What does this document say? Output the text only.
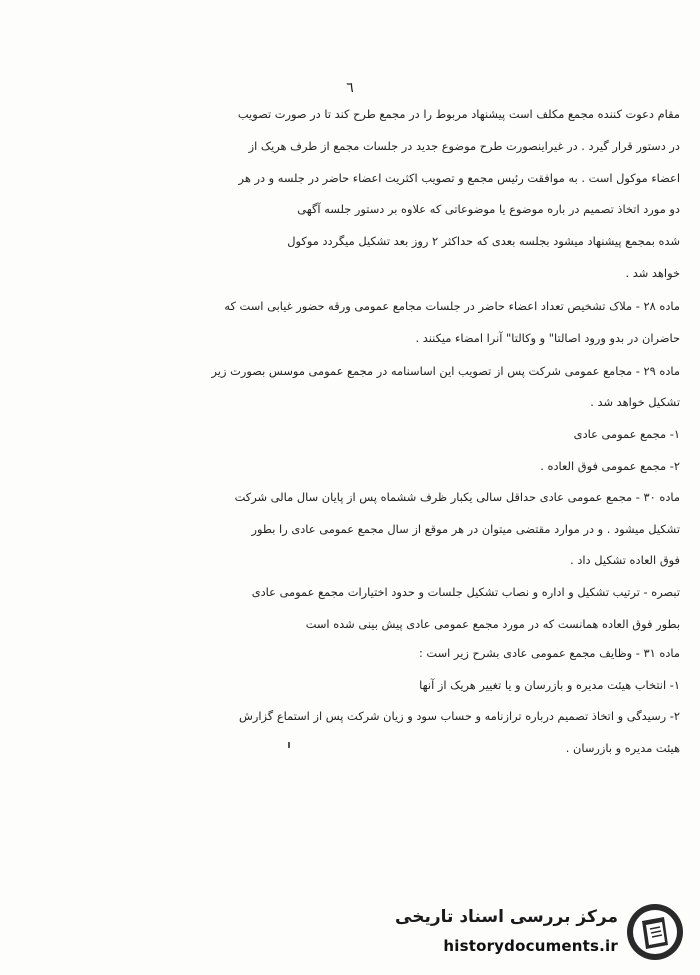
٦
مقام دعوت کننده مجمع مکلف است پیشنهاد مربوط را در مجمع طرح کند تا در صورت تصویب
در دستور قرار گیرد . در غیراینصورت طرح موضوع جدید در جلسات مجمع از طرف هریک از
اعضاء موکول است . به موافقت رئیس مجمع و تصویب اکثریت اعضاء حاضر در جلسه و در هر
دو مورد اتخاذ تصمیم در باره موضوع یا موضوعاتی که علاوه بر دستور جلسه آگهی
شده بمجمع پیشنهاد میشود بجلسه بعدی که حداکثر ۲ روز بعد تشکیل میگردد موکول
خواهد شد .
ماده ۲۸ - ملاک تشخیص تعداد اعضاء حاضر در جلسات مجامع عمومی ورقه حضور غیابی است که
حاضران در بدو ورود اصالتا" و وکالتا" آنرا امضاء میکنند .
ماده ۲۹ - مجامع عمومی شرکت پس از تصویب این اساسنامه در مجمع عمومی موسس بصورت زیر
تشکیل خواهد شد .
۱- مجمع عمومی عادی
۲- مجمع عمومی فوق العاده .
ماده ۳۰ - مجمع عمومی عادی حداقل سالی یکبار ظرف ششماه پس از پایان سال مالی شرکت
تشکیل میشود . و در موارد مقتضی میتوان در هر موقع از سال مجمع عمومی عادی را بطور
فوق العاده تشکیل داد .
تبصره - ترتیب تشکیل و اداره و نصاب تشکیل جلسات و حدود اختیارات مجمع عمومی عادی
بطور فوق العاده همانست که در مورد مجمع عمومی عادی پیش بینی شده است
ماده ۳۱ - وظایف مجمع عمومی عادی بشرح زیر است :
۱- انتخاب هیئت مدیره و بازرسان و یا تغییر هریک از آنها
۲- رسیدگی و اتخاذ تصمیم درباره ترازنامه و حساب سود و زیان شرکت پس از استماع گزارش
هیئت مدیره و بازرسان .
مرکز بررسی اسناد تاریخی
historydocuments.ir
